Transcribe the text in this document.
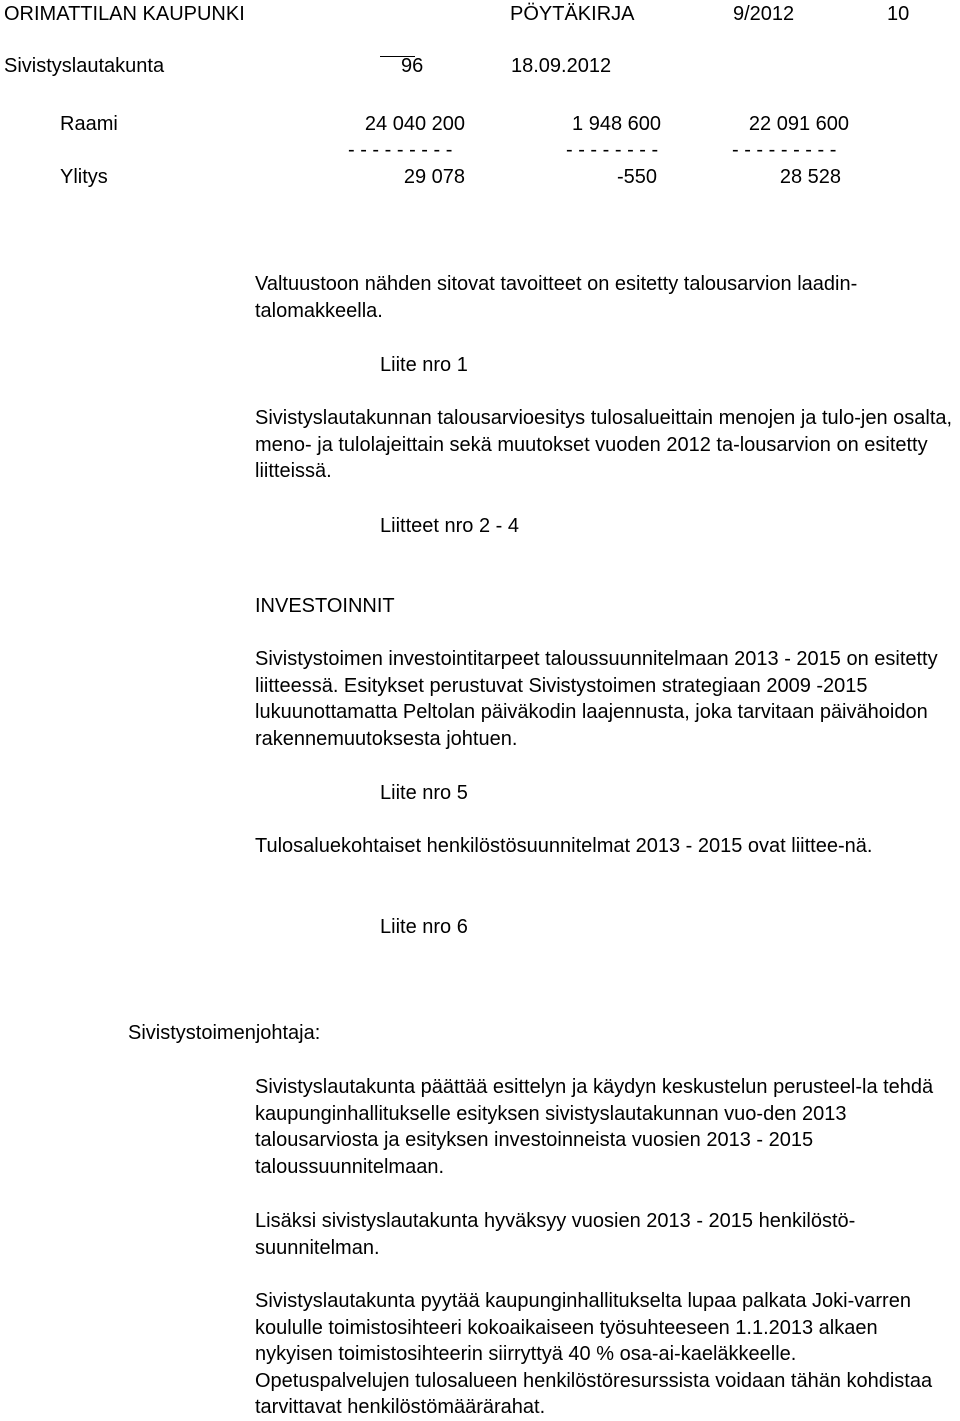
ORIMATTILAN KAUPUNKI	PÖYTÄKIRJA	9/2012	10
Sivistyslautakunta	96	18.09.2012
Raami	24 040 200	1 948 600	22 091 600
- - - - - - - - -	- - - - - - - -	- - - - - - - - -
Ylitys	29 078	-550	28 528
Valtuustoon nähden sitovat tavoitteet on esitetty talousarvion laadin-talomakkeella.
Liite nro 1
Sivistyslautakunnan talousarvioesitys tulosalueittain menojen ja tulo-jen osalta, meno- ja tulolajeittain sekä muutokset vuoden 2012 ta-lousarvion on esitetty liitteissä.
Liitteet nro 2 - 4
INVESTOINNIT
Sivistystoimen investointitarpeet taloussuunnitelmaan 2013 - 2015 on esitetty liitteessä. Esitykset perustuvat Sivistystoimen strategiaan 2009 -2015 lukuunottamatta Peltolan päiväkodin laajennusta, joka tarvitaan päivähoidon rakennemuutoksesta johtuen.
Liite nro 5
Tulosaluekohtaiset henkilöstösuunnitelmat 2013 - 2015 ovat liittee-nä.
Liite nro 6
Sivistystoimenjohtaja:
Sivistyslautakunta päättää esittelyn ja käydyn keskustelun perusteel-la tehdä kaupunginhallitukselle esityksen sivistyslautakunnan vuo-den 2013 talousarviosta ja esityksen investoinneista vuosien 2013 - 2015 taloussuunnitelmaan.
Lisäksi sivistyslautakunta hyväksyy vuosien 2013 - 2015 henkilöstö-suunnitelman.
Sivistyslautakunta pyytää kaupunginhallitukselta lupaa palkata Joki-varren koululle toimistosihteeri kokoaikaiseen työsuhteeseen 1.1.2013 alkaen nykyisen toimistosihteerin siirryttyä 40 % osa-ai-kaeläkkeelle. Opetuspalvelujen tulosalueen henkilöstöresurssista voidaan tähän kohdistaa tarvittavat henkilöstömäärärahat.
